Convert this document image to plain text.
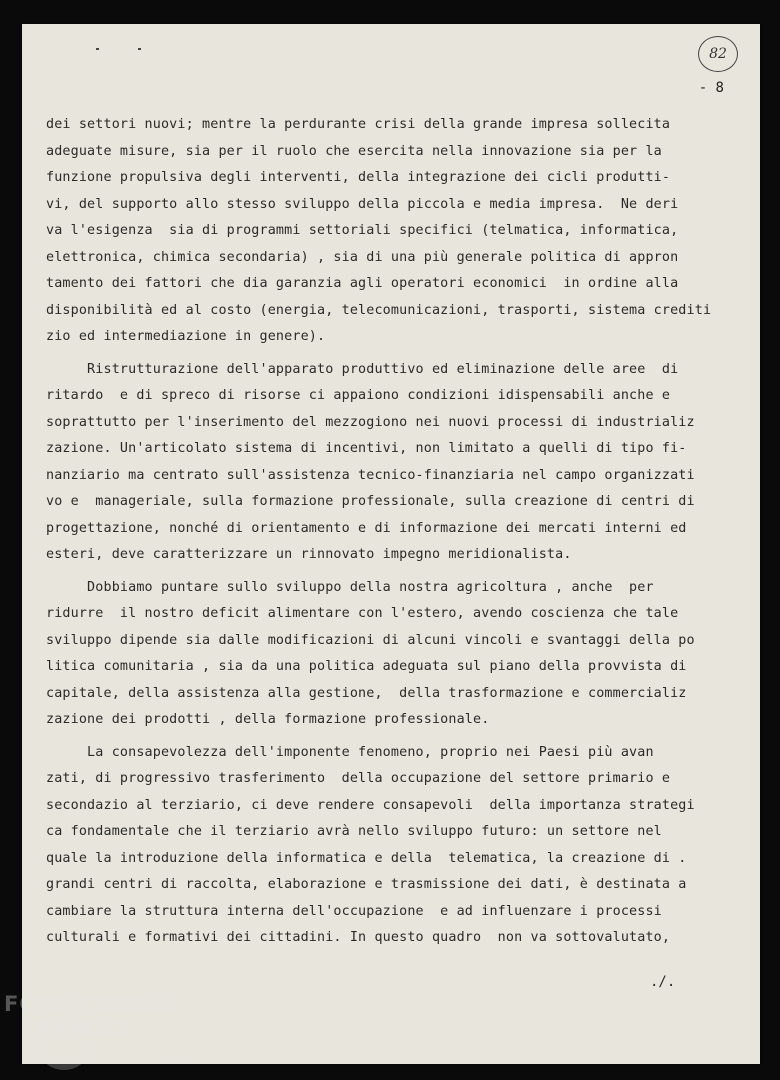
82
- 8
dei settori nuovi; mentre la perdurante crisi della grande impresa sollecita
adeguate misure, sia per il ruolo che esercita nella innovazione sia per la
funzione propulsiva degli interventi, della integrazione dei cicli produtti-
vi, del supporto allo stesso sviluppo della piccola e media impresa.  Ne deri
va l'esigenza  sia di programmi settoriali specifici (telmatica, informatica,
elettronica, chimica secondaria) , sia di una più generale politica di appron
tamento dei fattori che dia garanzia agli operatori economici  in ordine alla
disponibilità ed al costo (energia, telecomunicazioni, trasporti, sistema crediti
zio ed intermediazione in genere).
Ristrutturazione dell'apparato produttivo ed eliminazione delle aree  di
ritardo  e di spreco di risorse ci appaiono condizioni idispensabili anche e
soprattutto per l'inserimento del mezzogiono nei nuovi processi di industrializ
zazione. Un'articolato sistema di incentivi, non limitato a quelli di tipo fi-
nanziario ma centrato sull'assistenza tecnico-finanziaria nel campo organizzati
vo e  manageriale, sulla formazione professionale, sulla creazione di centri di
progettazione, nonché di orientamento e di informazione dei mercati interni ed
esteri, deve caratterizzare un rinnovato impegno meridionalista.
Dobbiamo puntare sullo sviluppo della nostra agricoltura , anche  per
ridurre  il nostro deficit alimentare con l'estero, avendo coscienza che tale
sviluppo dipende sia dalle modificazioni di alcuni vincoli e svantaggi della po
litica comunitaria , sia da una politica adeguata sul piano della provvista di
capitale, della assistenza alla gestione,  della trasformazione e commercializ
zazione dei prodotti , della formazione professionale.
La consapevolezza dell'imponente fenomeno, proprio nei Paesi più avan
zati, di progressivo trasferimento  della occupazione del settore primario e
secondazio al terziario, ci deve rendere consapevoli  della importanza strategi
ca fondamentale che il terziario avrà nello sviluppo futuro: un settore nel
quale la introduzione della informatica e della  telematica, la creazione di .
grandi centri di raccolta, elaborazione e trasmissione dei dati, è destinata a
cambiare la struttura interna dell'occupazione  e ad influenzare i processi
culturali e formativi dei cittadini. In questo quadro  non va sottovalutato,
./.
FONDAZIONE
RAMSCI
onlus
